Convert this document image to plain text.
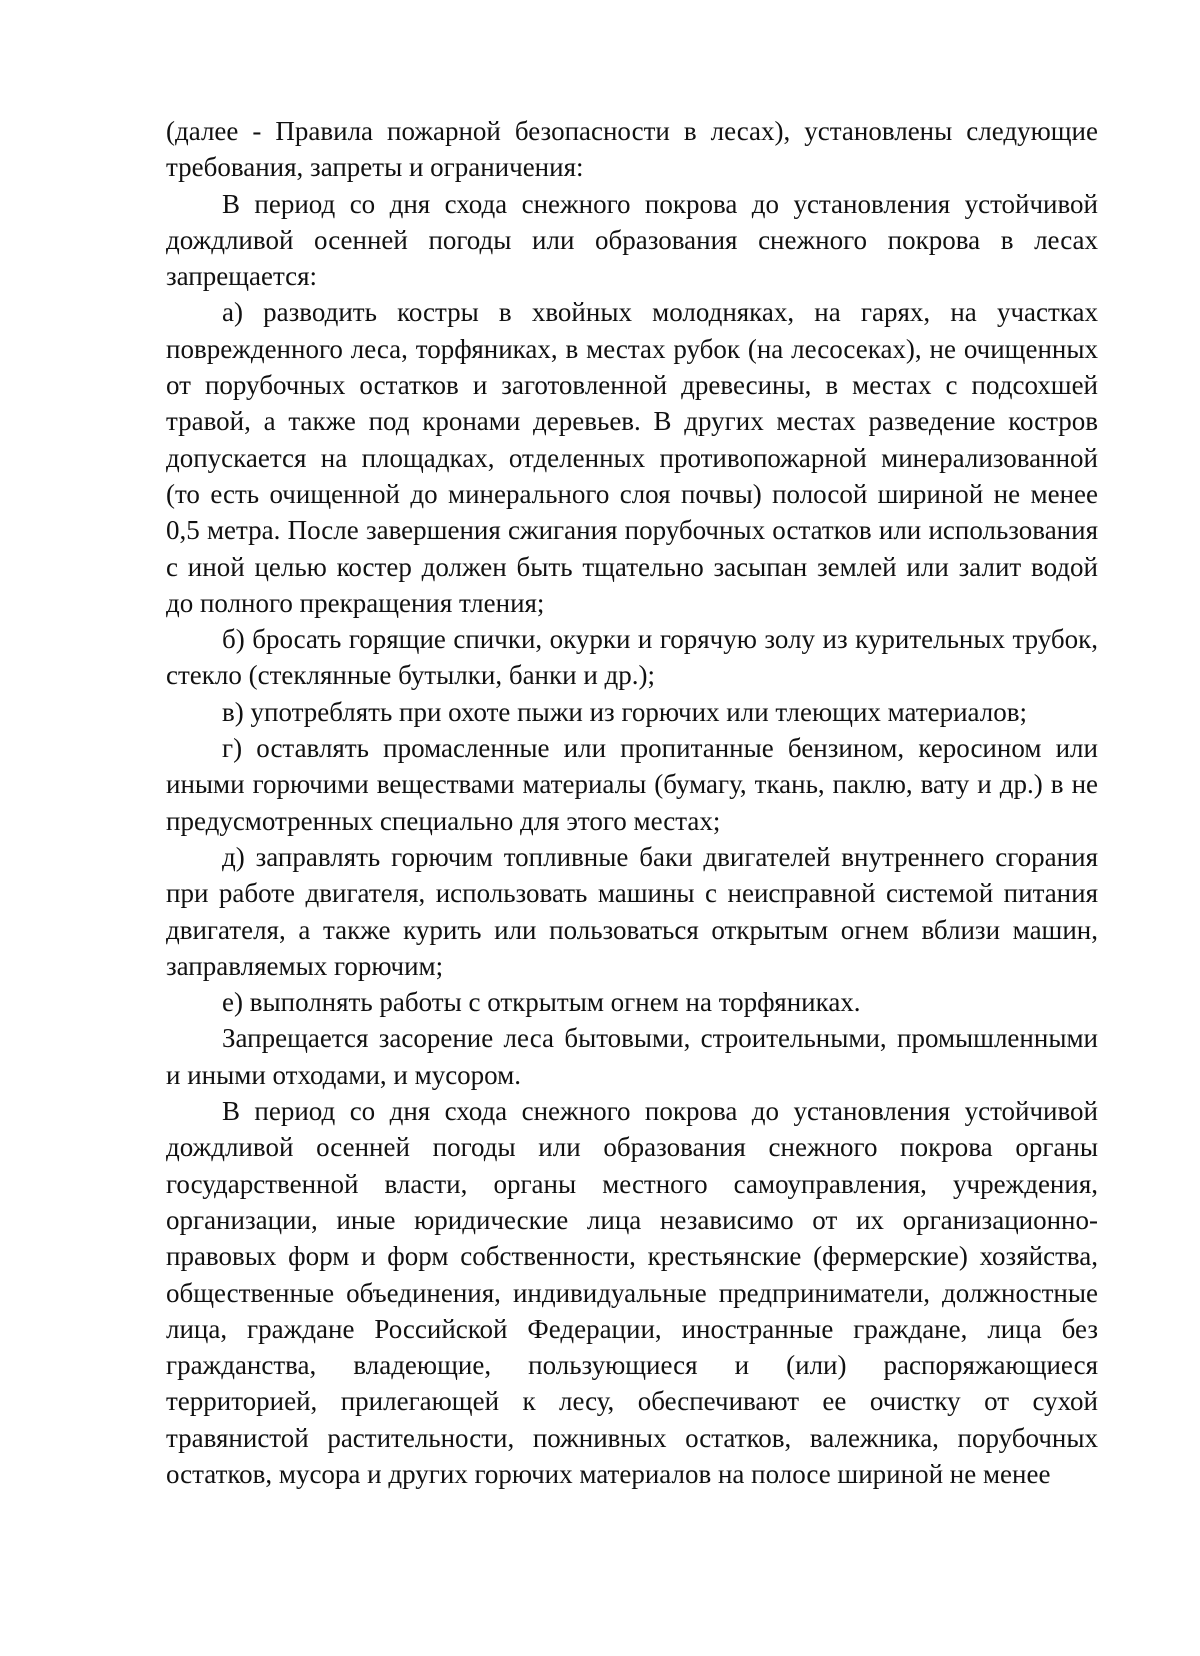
(далее - Правила пожарной безопасности в лесах), установлены следующие требования, запреты и ограничения:

В период со дня схода снежного покрова до установления устойчивой дождливой осенней погоды или образования снежного покрова в лесах запрещается:

а) разводить костры в хвойных молодняках, на гарях, на участках поврежденного леса, торфяниках, в местах рубок (на лесосеках), не очищенных от порубочных остатков и заготовленной древесины, в местах с подсохшей травой, а также под кронами деревьев. В других местах разведение костров допускается на площадках, отделенных противопожарной минерализованной (то есть очищенной до минерального слоя почвы) полосой шириной не менее 0,5 метра. После завершения сжигания порубочных остатков или использования с иной целью костер должен быть тщательно засыпан землей или залит водой до полного прекращения тления;

б) бросать горящие спички, окурки и горячую золу из курительных трубок, стекло (стеклянные бутылки, банки и др.);

в) употреблять при охоте пыжи из горючих или тлеющих материалов;

г) оставлять промасленные или пропитанные бензином, керосином или иными горючими веществами материалы (бумагу, ткань, паклю, вату и др.) в не предусмотренных специально для этого местах;

д) заправлять горючим топливные баки двигателей внутреннего сгорания при работе двигателя, использовать машины с неисправной системой питания двигателя, а также курить или пользоваться открытым огнем вблизи машин, заправляемых горючим;

е) выполнять работы с открытым огнем на торфяниках.

Запрещается засорение леса бытовыми, строительными, промышленными и иными отходами, и мусором.

В период со дня схода снежного покрова до установления устойчивой дождливой осенней погоды или образования снежного покрова органы государственной власти, органы местного самоуправления, учреждения, организации, иные юридические лица независимо от их организационно-правовых форм и форм собственности, крестьянские (фермерские) хозяйства, общественные объединения, индивидуальные предприниматели, должностные лица, граждане Российской Федерации, иностранные граждане, лица без гражданства, владеющие, пользующиеся и (или) распоряжающиеся территорией, прилегающей к лесу, обеспечивают ее очистку от сухой травянистой растительности, пожнивных остатков, валежника, порубочных остатков, мусора и других горючих материалов на полосе шириной не менее
